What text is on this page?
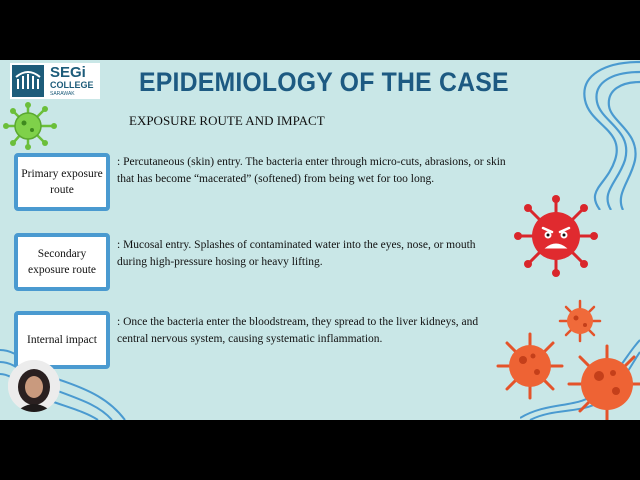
SEGi
COLLEGE
SARAWAK EPIDEMIOLOGY OF THE CASE
EXPOSURE ROUTE AND IMPACT
Primary exposure route
: Percutaneous (skin) entry. The bacteria enter through micro-cuts, abrasions, or skin that has become “macerated” (softened) from being wet for too long.
Secondary exposure route
: Mucosal entry. Splashes of contaminated water into the eyes, nose, or mouth during high-pressure hosing or heavy lifting.
Internal impact
: Once the bacteria enter the bloodstream, they spread to the liver kidneys, and central nervous system, causing systematic inflammation.
